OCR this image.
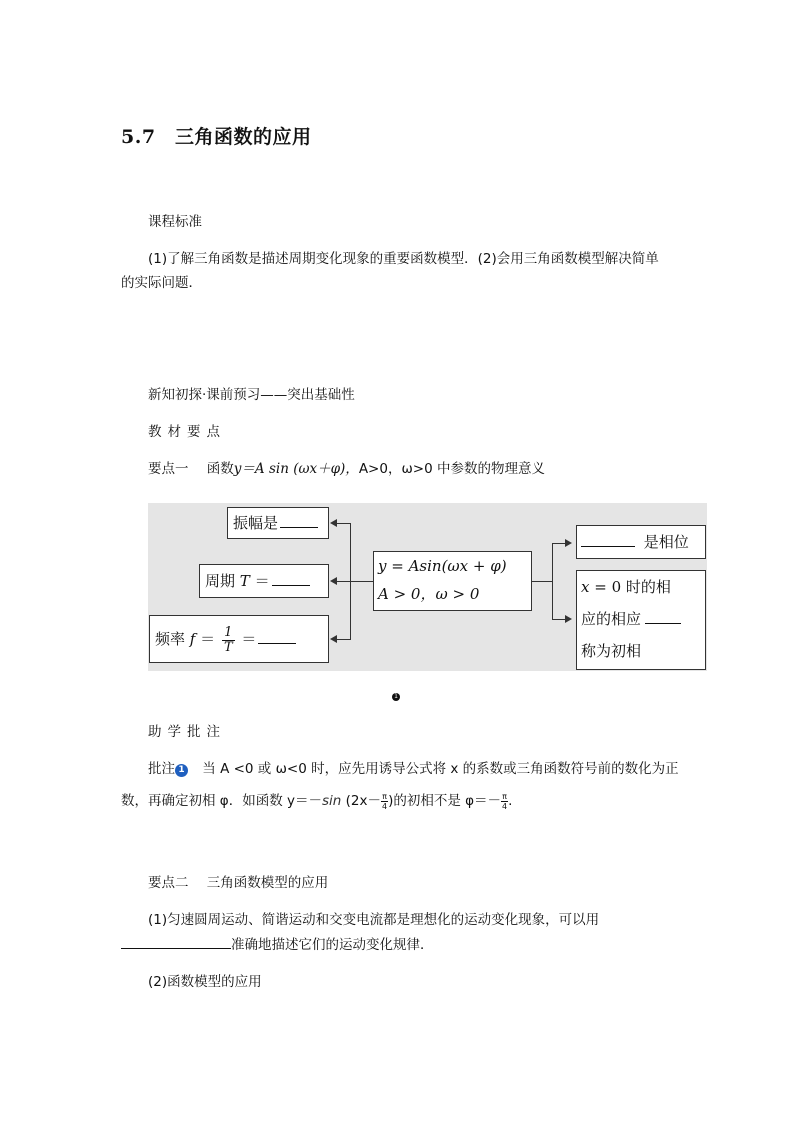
5.7　三角函数的应用
课程标准
(1)了解三角函数是描述周期变化现象的重要函数模型．(2)会用三角函数模型解决简单
的实际问题．
新知初探·课前预习——突出基础性
教材要点
要点一 函数y＝A sin (ωx＋φ)，A>0，ω>0 中参数的物理意义
振幅是
周期 T ＝
频率 $f = \frac{1}{T}$ ＝
y = Asin(ωx + φ)
A > 0，ω > 0
是相位
x = 0 时的相
应的相应
称为初相
1
助学批注
批注 1 当 A <0 或 ω<0 时，应先用诱导公式将 x 的系数或三角函数符号前的数化为正
数，再确定初相 φ．如函数 y＝－sin ($2x- \frac{\pi}{4}$ )的初相不是 $\varphi=- \frac{\pi}{4}$ .
要点二 三角函数模型的应用
(1)匀速圆周运动、简谐运动和交变电流都是理想化的运动变化现象，可以用
准确地描述它们的运动变化规律．
(2)函数模型的应用
